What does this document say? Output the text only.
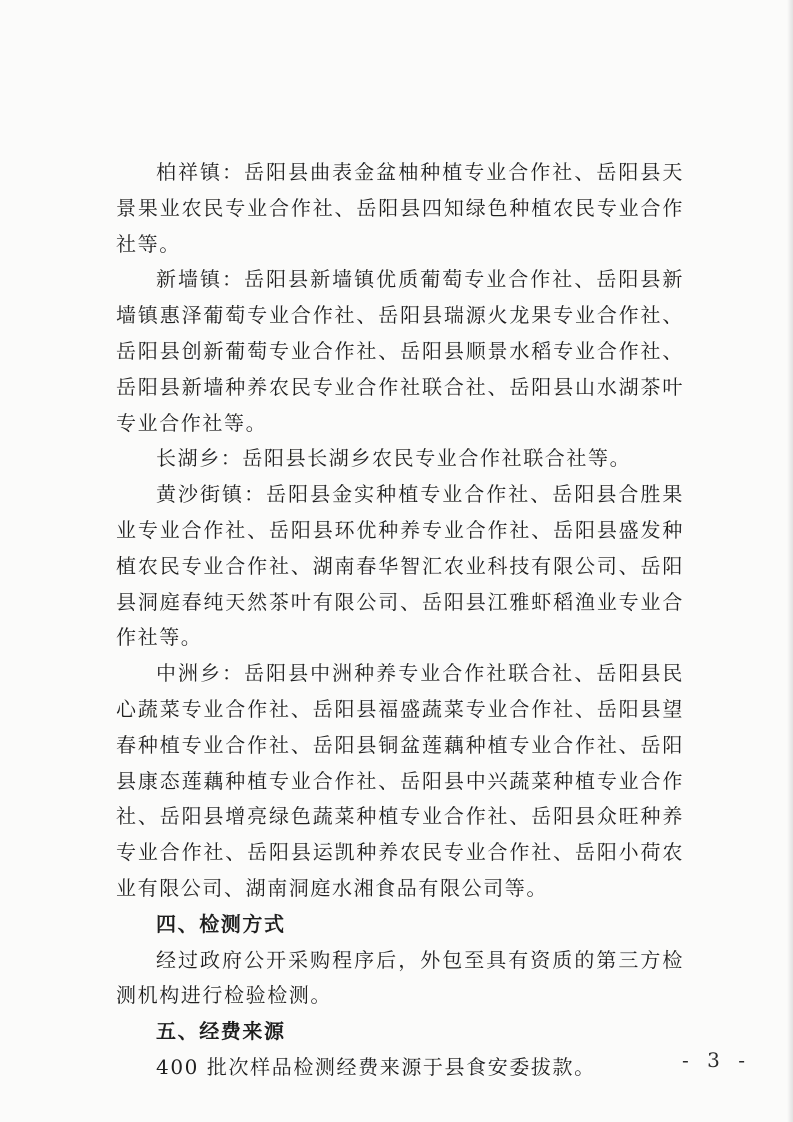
柏祥镇：岳阳县曲表金盆柚种植专业合作社、岳阳县天景果业农民专业合作社、岳阳县四知绿色种植农民专业合作社等。

新墙镇：岳阳县新墙镇优质葡萄专业合作社、岳阳县新墙镇惠泽葡萄专业合作社、岳阳县瑞源火龙果专业合作社、岳阳县创新葡萄专业合作社、岳阳县顺景水稻专业合作社、岳阳县新墙种养农民专业合作社联合社、岳阳县山水湖茶叶专业合作社等。

长湖乡：岳阳县长湖乡农民专业合作社联合社等。

黄沙街镇：岳阳县金实种植专业合作社、岳阳县合胜果业专业合作社、岳阳县环优种养专业合作社、岳阳县盛发种植农民专业合作社、湖南春华智汇农业科技有限公司、岳阳县洞庭春纯天然茶叶有限公司、岳阳县江雅虾稻渔业专业合作社等。

中洲乡：岳阳县中洲种养专业合作社联合社、岳阳县民心蔬菜专业合作社、岳阳县福盛蔬菜专业合作社、岳阳县望春种植专业合作社、岳阳县铜盆莲藕种植专业合作社、岳阳县康态莲藕种植专业合作社、岳阳县中兴蔬菜种植专业合作社、岳阳县增亮绿色蔬菜种植专业合作社、岳阳县众旺种养专业合作社、岳阳县运凯种养农民专业合作社、岳阳小荷农业有限公司、湖南洞庭水湘食品有限公司等。

四、检测方式

经过政府公开采购程序后，外包至具有资质的第三方检测机构进行检验检测。

五、经费来源

400 批次样品检测经费来源于县食安委拔款。	- 3 -
